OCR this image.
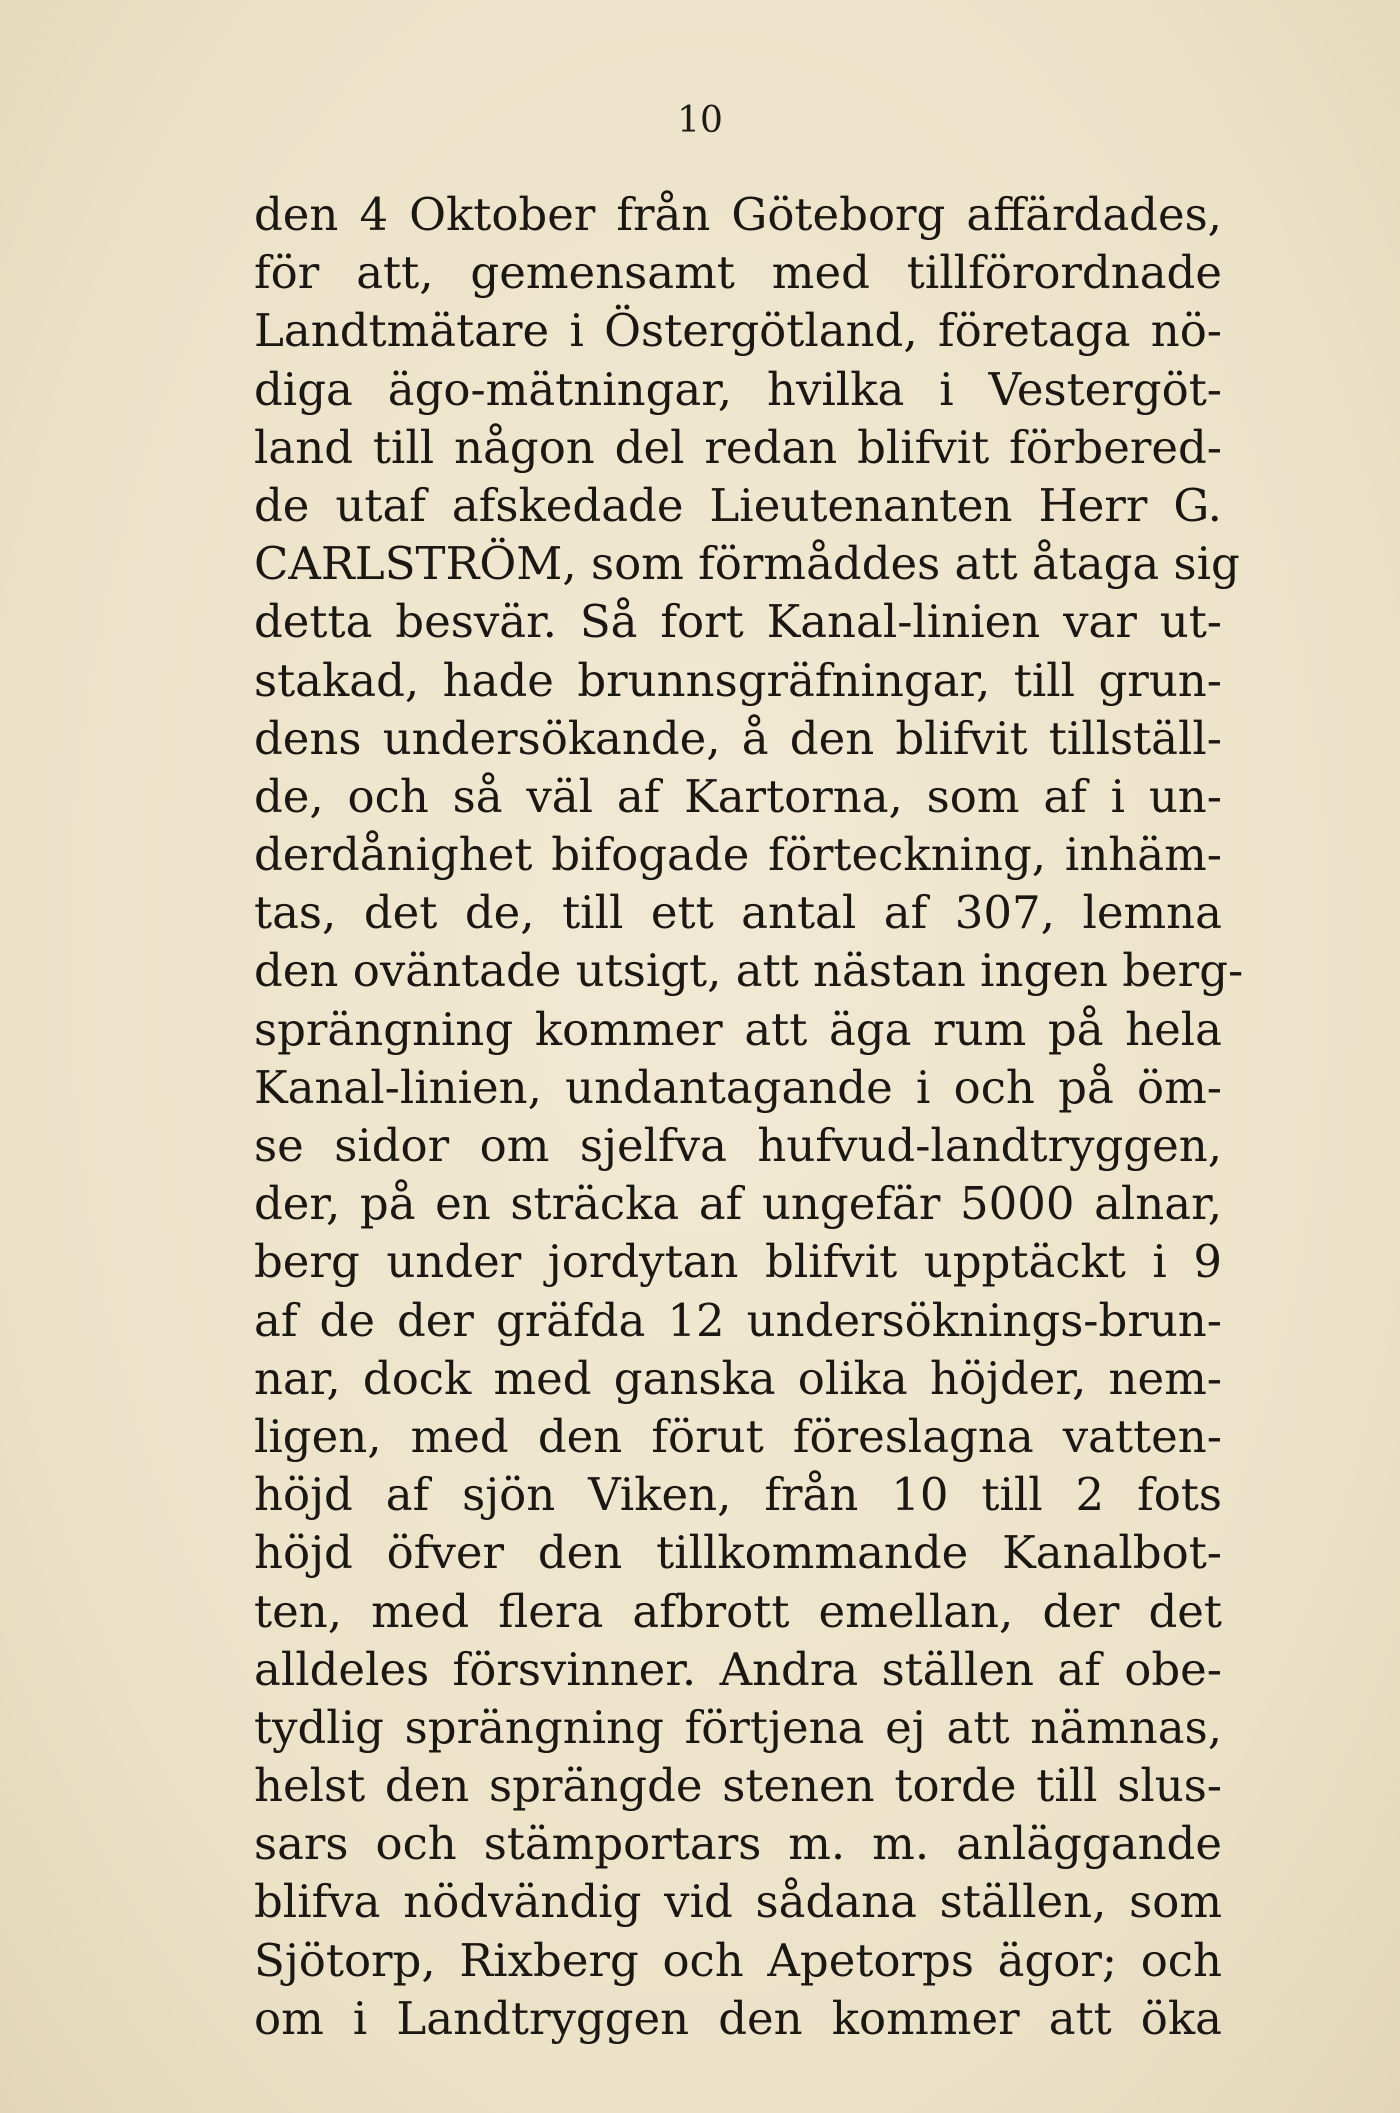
10
den 4 Oktober från Göteborg affärdades,
för att, gemensamt med tillförordnade
Landtmätare i Östergötland, företaga nö-
diga ägo-mätningar, hvilka i Vestergöt-
land till någon del redan blifvit förbered-
de utaf afskedade Lieutenanten Herr G.
CARLSTRÖM, som förmåddes att åtaga sig
detta besvär. Så fort Kanal-linien var ut-
stakad, hade brunnsgräfningar, till grun-
dens undersökande, å den blifvit tillställ-
de, och så väl af Kartorna, som af i un-
derdånighet bifogade förteckning, inhäm-
tas, det de, till ett antal af 307, lemna
den oväntade utsigt, att nästan ingen berg-
sprängning kommer att äga rum på hela
Kanal-linien, undantagande i och på öm-
se sidor om sjelfva hufvud-landtryggen,
der, på en sträcka af ungefär 5000 alnar,
berg under jordytan blifvit upptäckt i 9
af de der gräfda 12 undersöknings-brun-
nar, dock med ganska olika höjder, nem-
ligen, med den förut föreslagna vatten-
höjd af sjön Viken, från 10 till 2 fots
höjd öfver den tillkommande Kanalbot-
ten, med flera afbrott emellan, der det
alldeles försvinner. Andra ställen af obe-
tydlig sprängning förtjena ej att nämnas,
helst den sprängde stenen torde till slus-
sars och stämportars m. m. anläggande
blifva nödvändig vid sådana ställen, som
Sjötorp, Rixberg och Apetorps ägor; och
om i Landtryggen den kommer att öka
